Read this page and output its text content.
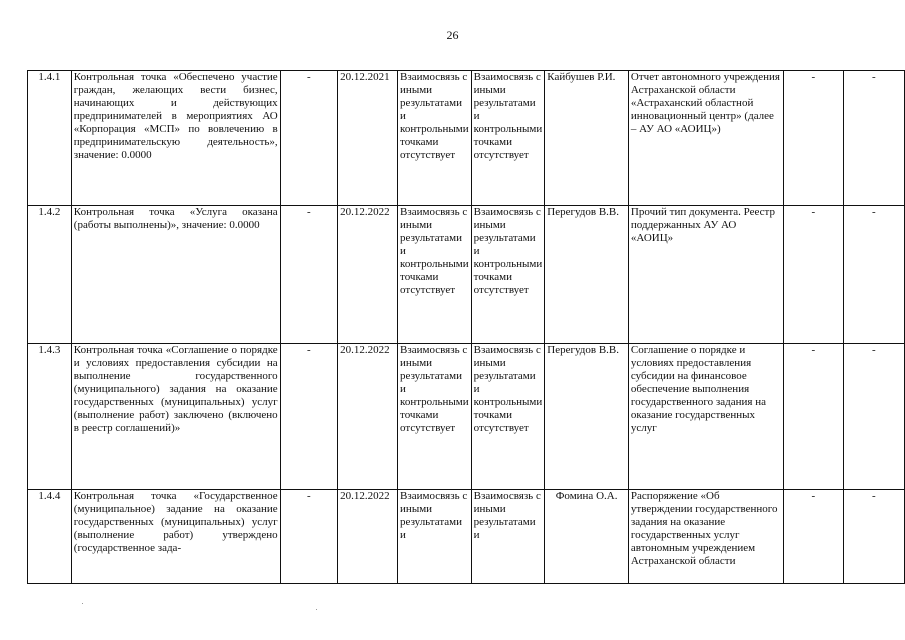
26
1.4.1	Контрольная точка «Обеспечено участие граждан, желающих вести бизнес, начинающих и действующих предпринимателей в мероприятиях АО «Корпорация «МСП» по вовлечению в предпринимательскую деятельность», значение: 0.0000	-	20.12.2021	Взаимосвязь с иными результатами и контрольными точками отсутствует	Взаимосвязь с иными результатами и контрольными точками отсутствует	Кайбушев Р.И.	Отчет автономного учреждения Астраханской области «Астраханский областной инновационный центр» (далее – АУ АО «АОИЦ»)	-	-
1.4.2	Контрольная точка «Услуга оказана (работы выполнены)», значение: 0.0000	-	20.12.2022	Взаимосвязь с иными результатами и контрольными точками отсутствует	Взаимосвязь с иными результатами и контрольными точками отсутствует	Перегудов В.В.	Прочий тип документа. Реестр поддержанных АУ АО «АОИЦ»	-	-
1.4.3	Контрольная точка «Соглашение о порядке и условиях предоставления субсидии на выполнение государственного (муниципального) задания на оказание государственных (муниципальных) услуг (выполнение работ) заключено (включено в реестр соглашений)»	-	20.12.2022	Взаимосвязь с иными результатами и контрольными точками отсутствует	Взаимосвязь с иными результатами и контрольными точками отсутствует	Перегудов В.В.	Соглашение о порядке и условиях предоставления субсидии на финансовое обеспечение выполнения государственного задания на оказание государственных услуг	-	-
1.4.4	Контрольная точка «Государственное (муниципальное) задание на оказание государственных (муниципальных) услуг (выполнение работ) утверждено (государственное зада-	-	20.12.2022	Взаимосвязь с иными результатами и	Взаимосвязь с иными результатами и	Фомина О.А.	Распоряжение «Об утверждении государственного задания на оказание государственных услуг автономным учреждением Астраханской области	-	-
